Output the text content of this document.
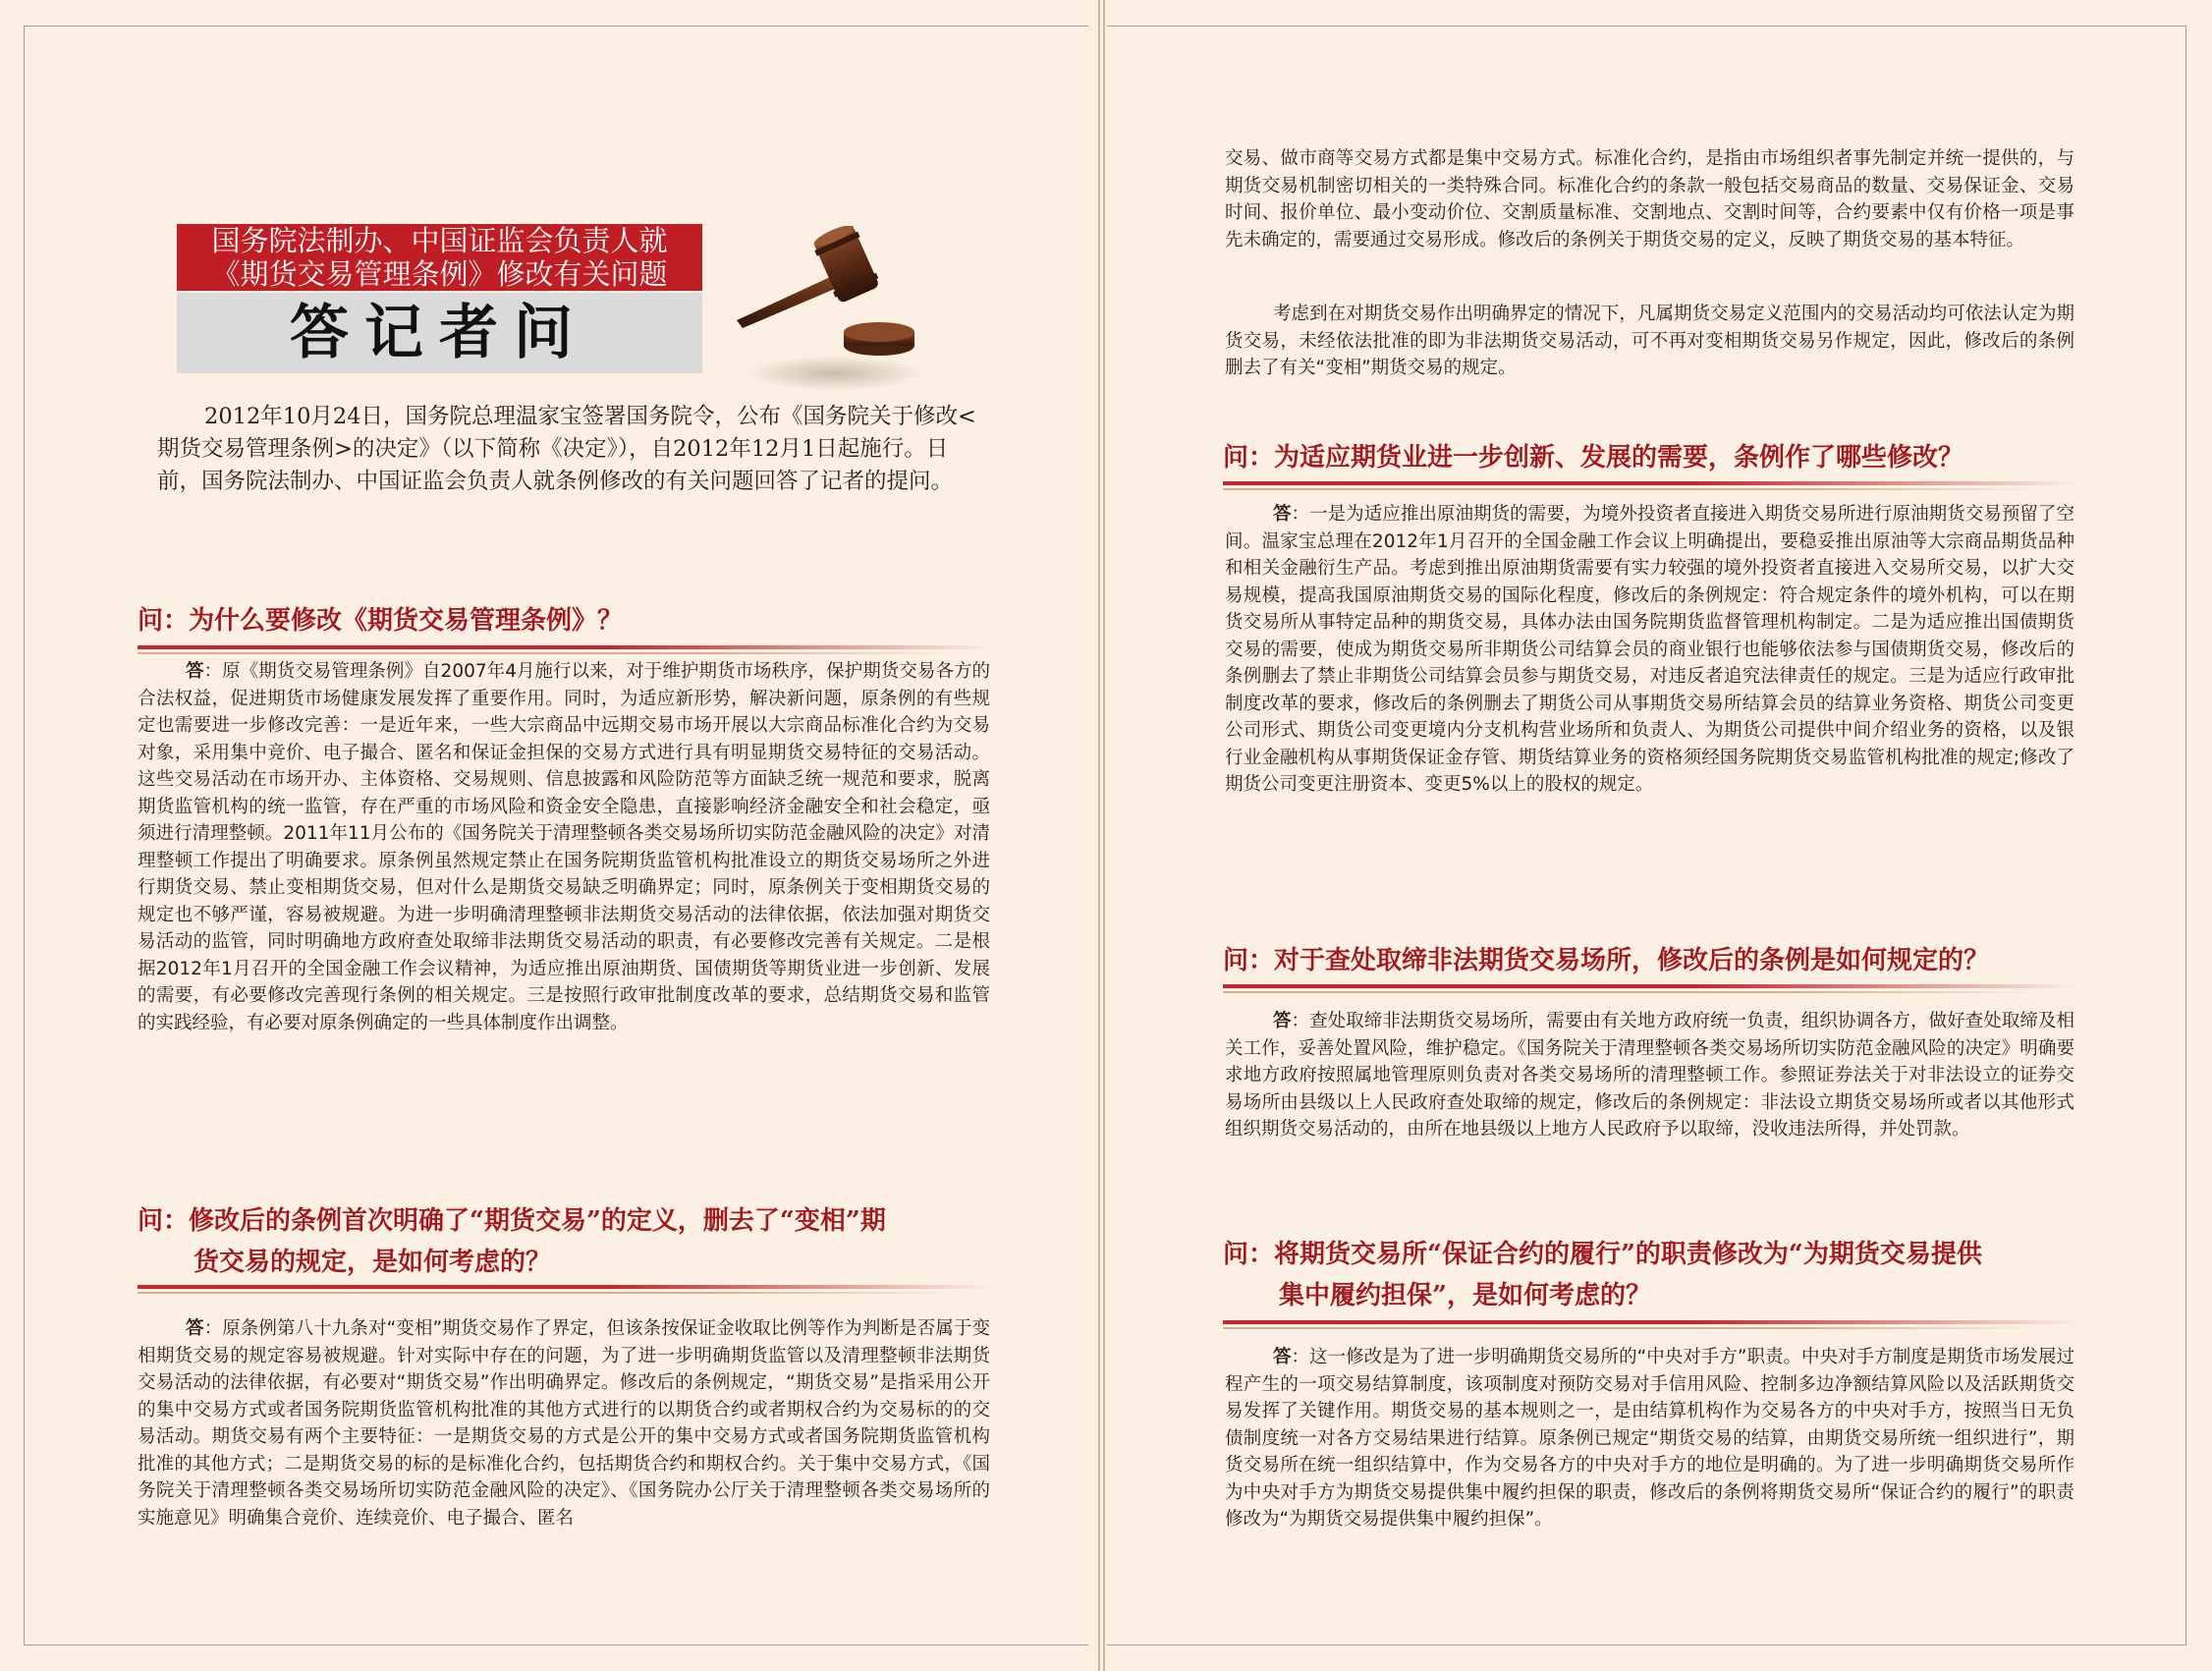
国务院法制办、中国证监会负责人就
《期货交易管理条例》修改有关问题
答记者问

2012年10月24日，国务院总理温家宝签署国务院令，公布《国务院关于修改<期货交易管理条例>的决定》（以下简称《决定》），自2012年12月1日起施行。日前，国务院法制办、中国证监会负责人就条例修改的有关问题回答了记者的提问。

问：为什么要修改《期货交易管理条例》？

答：原《期货交易管理条例》自2007年4月施行以来，对于维护期货市场秩序，保护期货交易各方的合法权益，促进期货市场健康发展发挥了重要作用。同时，为适应新形势，解决新问题，原条例的有些规定也需要进一步修改完善：一是近年来，一些大宗商品中远期交易市场开展以大宗商品标准化合约为交易对象，采用集中竞价、电子撮合、匿名和保证金担保的交易方式进行具有明显期货交易特征的交易活动。这些交易活动在市场开办、主体资格、交易规则、信息披露和风险防范等方面缺乏统一规范和要求，脱离期货监管机构的统一监管，存在严重的市场风险和资金安全隐患，直接影响经济金融安全和社会稳定，亟须进行清理整顿。2011年11月公布的《国务院关于清理整顿各类交易场所切实防范金融风险的决定》对清理整顿工作提出了明确要求。原条例虽然规定禁止在国务院期货监管机构批准设立的期货交易场所之外进行期货交易、禁止变相期货交易，但对什么是期货交易缺乏明确界定；同时，原条例关于变相期货交易的规定也不够严谨，容易被规避。为进一步明确清理整顿非法期货交易活动的法律依据，依法加强对期货交易活动的监管，同时明确地方政府查处取缔非法期货交易活动的职责，有必要修改完善有关规定。二是根据2012年1月召开的全国金融工作会议精神，为适应推出原油期货、国债期货等期货业进一步创新、发展的需要，有必要修改完善现行条例的相关规定。三是按照行政审批制度改革的要求，总结期货交易和监管的实践经验，有必要对原条例确定的一些具体制度作出调整。

问：修改后的条例首次明确了“期货交易”的定义，删去了“变相”期
货交易的规定，是如何考虑的？

答：原条例第八十九条对“变相”期货交易作了界定，但该条按保证金收取比例等作为判断是否属于变相期货交易的规定容易被规避。针对实际中存在的问题，为了进一步明确期货监管以及清理整顿非法期货交易活动的法律依据，有必要对“期货交易”作出明确界定。修改后的条例规定，“期货交易”是指采用公开的集中交易方式或者国务院期货监管机构批准的其他方式进行的以期货合约或者期权合约为交易标的的交易活动。期货交易有两个主要特征：一是期货交易的方式是公开的集中交易方式或者国务院期货监管机构批准的其他方式；二是期货交易的标的是标准化合约，包括期货合约和期权合约。关于集中交易方式，《国务院关于清理整顿各类交易场所切实防范金融风险的决定》、《国务院办公厅关于清理整顿各类交易场所的实施意见》明确集合竞价、连续竞价、电子撮合、匿名

交易、做市商等交易方式都是集中交易方式。标准化合约，是指由市场组织者事先制定并统一提供的，与期货交易机制密切相关的一类特殊合同。标准化合约的条款一般包括交易商品的数量、交易保证金、交易时间、报价单位、最小变动价位、交割质量标准、交割地点、交割时间等，合约要素中仅有价格一项是事先未确定的，需要通过交易形成。修改后的条例关于期货交易的定义，反映了期货交易的基本特征。

考虑到在对期货交易作出明确界定的情况下，凡属期货交易定义范围内的交易活动均可依法认定为期货交易，未经依法批准的即为非法期货交易活动，可不再对变相期货交易另作规定，因此，修改后的条例删去了有关“变相”期货交易的规定。

问：为适应期货业进一步创新、发展的需要，条例作了哪些修改？

答：一是为适应推出原油期货的需要，为境外投资者直接进入期货交易所进行原油期货交易预留了空间。温家宝总理在2012年1月召开的全国金融工作会议上明确提出，要稳妥推出原油等大宗商品期货品种和相关金融衍生产品。考虑到推出原油期货需要有实力较强的境外投资者直接进入交易所交易，以扩大交易规模，提高我国原油期货交易的国际化程度，修改后的条例规定：符合规定条件的境外机构，可以在期货交易所从事特定品种的期货交易，具体办法由国务院期货监督管理机构制定。二是为适应推出国债期货交易的需要，使成为期货交易所非期货公司结算会员的商业银行也能够依法参与国债期货交易，修改后的条例删去了禁止非期货公司结算会员参与期货交易，对违反者追究法律责任的规定。三是为适应行政审批制度改革的要求，修改后的条例删去了期货公司从事期货交易所结算会员的结算业务资格、期货公司变更公司形式、期货公司变更境内分支机构营业场所和负责人、为期货公司提供中间介绍业务的资格，以及银行业金融机构从事期货保证金存管、期货结算业务的资格须经国务院期货交易监管机构批准的规定;修改了期货公司变更注册资本、变更5%以上的股权的规定。

问：对于查处取缔非法期货交易场所，修改后的条例是如何规定的？

答：查处取缔非法期货交易场所，需要由有关地方政府统一负责，组织协调各方，做好查处取缔及相关工作，妥善处置风险，维护稳定。《国务院关于清理整顿各类交易场所切实防范金融风险的决定》明确要求地方政府按照属地管理原则负责对各类交易场所的清理整顿工作。参照证券法关于对非法设立的证券交易场所由县级以上人民政府查处取缔的规定，修改后的条例规定：非法设立期货交易场所或者以其他形式组织期货交易活动的，由所在地县级以上地方人民政府予以取缔，没收违法所得，并处罚款。

问：将期货交易所“保证合约的履行”的职责修改为“为期货交易提供
集中履约担保”，是如何考虑的？

答：这一修改是为了进一步明确期货交易所的“中央对手方”职责。中央对手方制度是期货市场发展过程产生的一项交易结算制度，该项制度对预防交易对手信用风险、控制多边净额结算风险以及活跃期货交易发挥了关键作用。期货交易的基本规则之一，是由结算机构作为交易各方的中央对手方，按照当日无负债制度统一对各方交易结果进行结算。原条例已规定“期货交易的结算，由期货交易所统一组织进行”，期货交易所在统一组织结算中，作为交易各方的中央对手方的地位是明确的。为了进一步明确期货交易所作为中央对手方为期货交易提供集中履约担保的职责，修改后的条例将期货交易所“保证合约的履行”的职责修改为“为期货交易提供集中履约担保”。
